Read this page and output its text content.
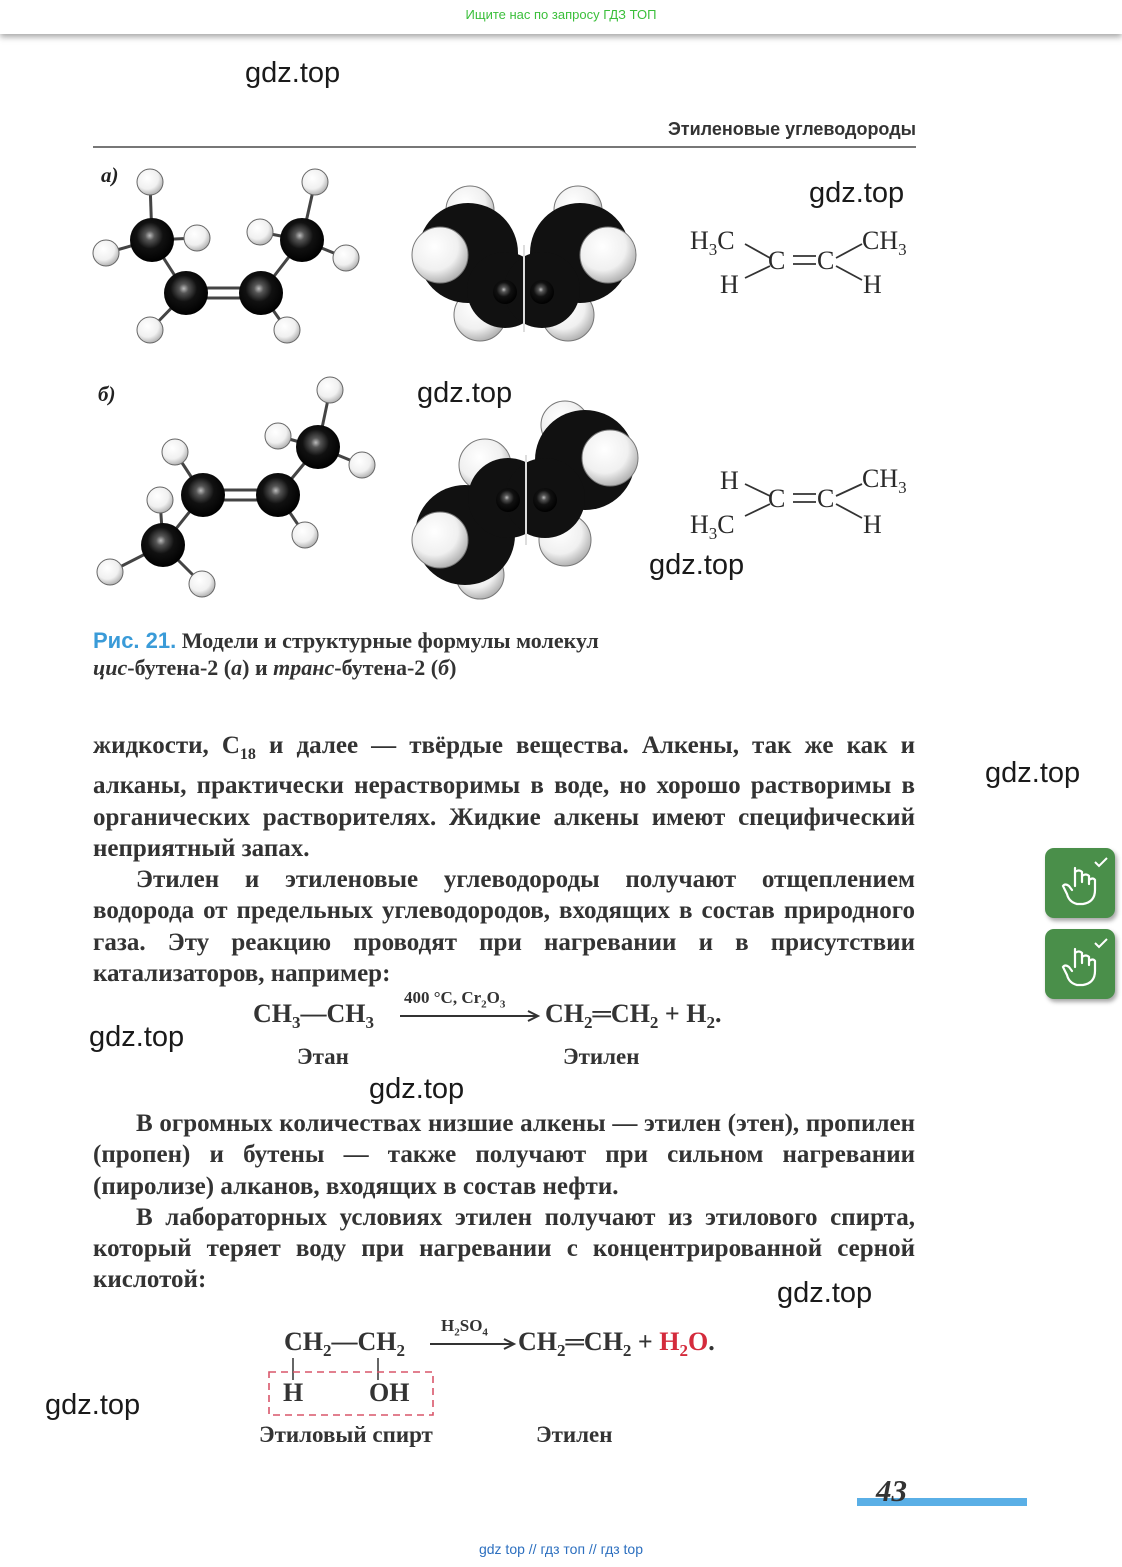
Ищите нас по запросу ГДЗ ТОП
gdz.top
gdz.top
gdz.top
gdz.top
gdz.top
gdz.top
gdz.top
gdz.top
gdz.top
Этиленовые углеводороды
а)
б)
$H_3C$
H
C C
$CH_3$
H
H
$H_3C$
C C
$CH_3$
H
Рис. 21. Модели и структурные формулы молекул
цис-бутена-2 (а) и транс-бутена-2 (б)

жидкости, $C_{18}$ и далее — твёрдые вещества. Алкены, так же как и алканы, практически нерастворимы в воде, но хорошо растворимы в органических растворителях. Жидкие алкены имеют специфический неприятный запах.

Этилен и этиленовые углеводороды получают отщеплением водорода от предельных углеводородов, входящих в состав природного газа. Эту реакцию проводят при нагревании и в присутствии катализаторов, например:

$CH_3—CH_3$
400 °C, $Cr_2O_3$ $CH_2═CH_2 + H_2$.
Этан	Этилен

В огромных количествах низшие алкены — этилен (этен), пропилен (пропен) и бутены — также получают при сильном нагревании (пиролизе) алканов, входящих в состав нефти.

В лабораторных условиях этилен получают из этилового спирта, который теряет воду при нагревании с концентрированной серной кислотой:

$CH_2—CH_2$
$H_2SO_4$ $CH_2═CH_2 + H_2O$.
H	OH
Этиловый спирт	Этилен
43
gdz top // гдз топ // гдз top
